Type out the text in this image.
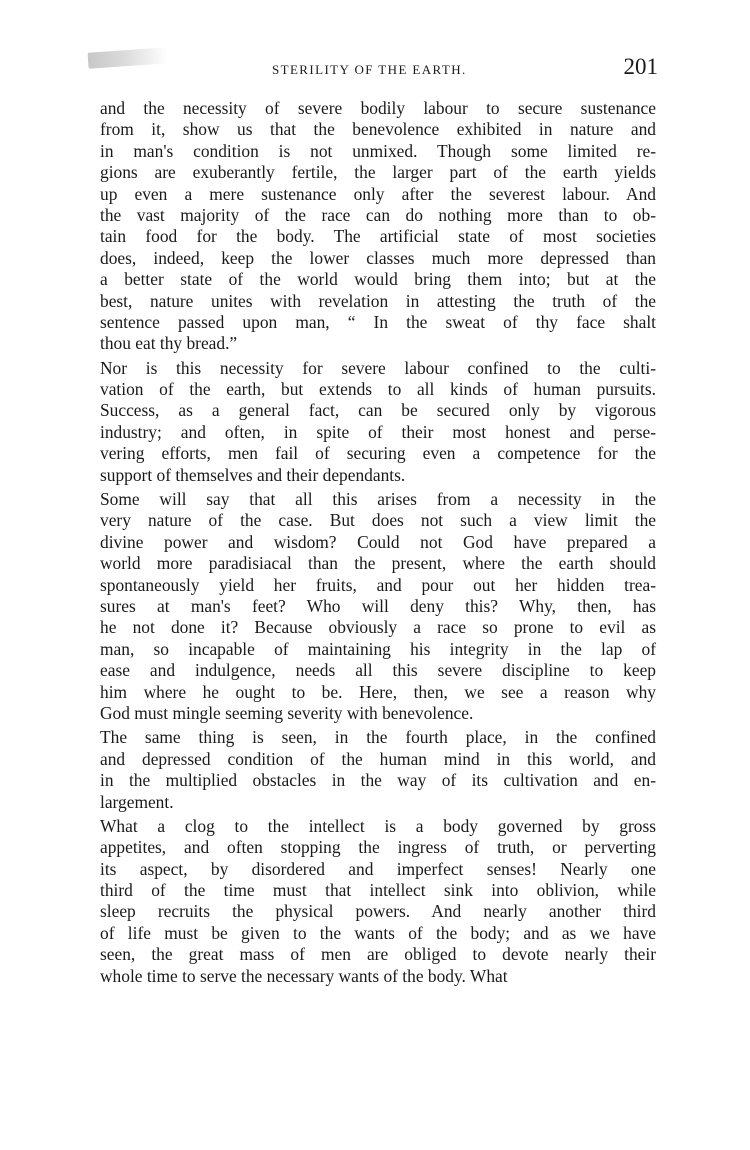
STERILITY OF THE EARTH.	201
and the necessity of severe bodily labour to secure sustenance
from it, show us that the benevolence exhibited in nature and
in man's condition is not unmixed. Though some limited re-
gions are exuberantly fertile, the larger part of the earth yields
up even a mere sustenance only after the severest labour. And
the vast majority of the race can do nothing more than to ob-
tain food for the body. The artificial state of most societies
does, indeed, keep the lower classes much more depressed than
a better state of the world would bring them into; but at the
best, nature unites with revelation in attesting the truth of the
sentence passed upon man, “ In the sweat of thy face shalt
thou eat thy bread.”
Nor is this necessity for severe labour confined to the culti-
vation of the earth, but extends to all kinds of human pursuits.
Success, as a general fact, can be secured only by vigorous
industry; and often, in spite of their most honest and perse-
vering efforts, men fail of securing even a competence for the
support of themselves and their dependants.
Some will say that all this arises from a necessity in the
very nature of the case. But does not such a view limit the
divine power and wisdom? Could not God have prepared a
world more paradisiacal than the present, where the earth should
spontaneously yield her fruits, and pour out her hidden trea-
sures at man's feet? Who will deny this? Why, then, has
he not done it? Because obviously a race so prone to evil as
man, so incapable of maintaining his integrity in the lap of
ease and indulgence, needs all this severe discipline to keep
him where he ought to be. Here, then, we see a reason why
God must mingle seeming severity with benevolence.
The same thing is seen, in the fourth place, in the confined
and depressed condition of the human mind in this world, and
in the multiplied obstacles in the way of its cultivation and en-
largement.
What a clog to the intellect is a body governed by gross
appetites, and often stopping the ingress of truth, or perverting
its aspect, by disordered and imperfect senses! Nearly one
third of the time must that intellect sink into oblivion, while
sleep recruits the physical powers. And nearly another third
of life must be given to the wants of the body; and as we have
seen, the great mass of men are obliged to devote nearly their
whole time to serve the necessary wants of the body. What
